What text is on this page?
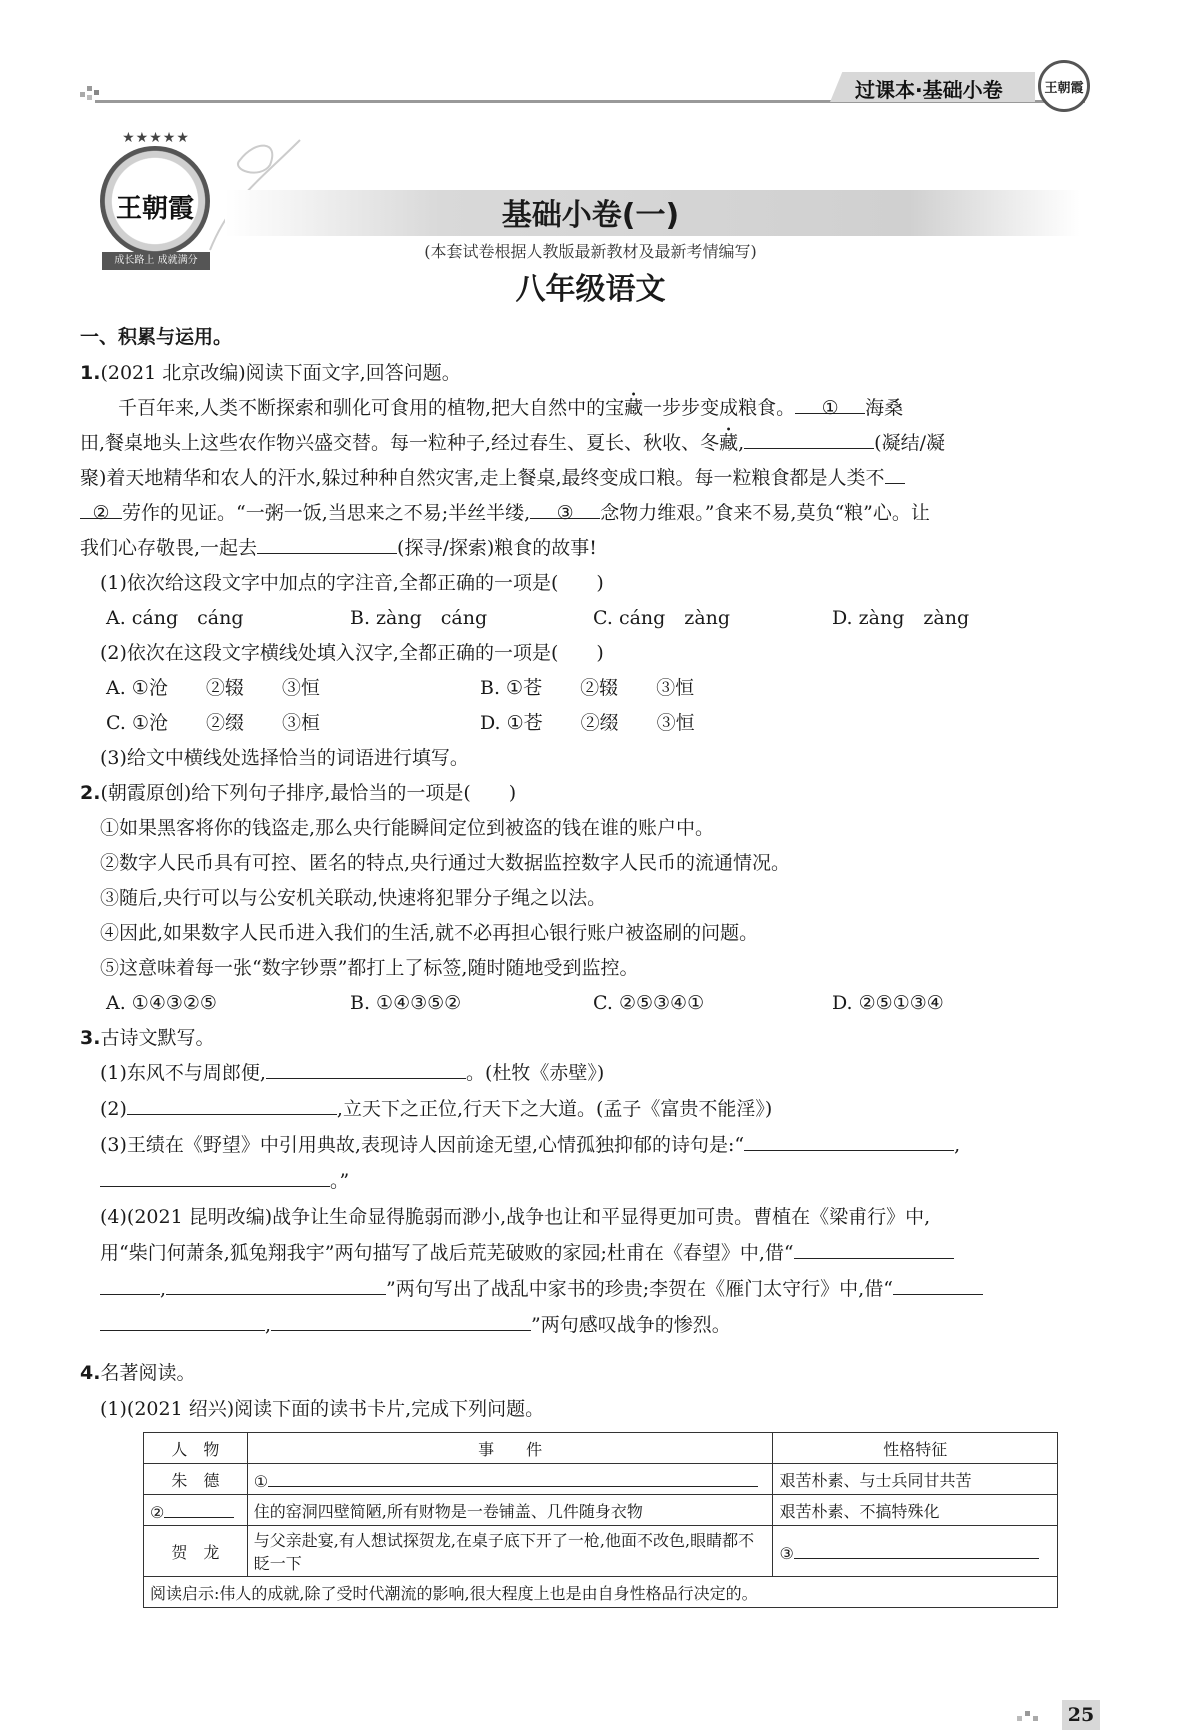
过课本·基础小卷	王朝霞
★★★★★
王朝霞
成长路上 成就满分
基础小卷(一)
(本套试卷根据人教版最新教材及最新考情编写)
八年级语文
一、积累与运用。
1.(2021 北京改编)阅读下面文字,回答问题。
千百年来,人类不断探索和驯化可食用的植物,把大自然中的宝藏一步步变成粮食。 ① 海桑
田,餐桌地头上这些农作物兴盛交替。每一粒种子,经过春生、夏长、秋收、冬藏,	(凝结/凝
聚)着天地精华和农人的汗水,躲过种种自然灾害,走上餐桌,最终变成口粮。每一粒粮食都是人类不
② 劳作的见证。“一粥一饭,当思来之不易;半丝半缕, ③ 念物力维艰。”食来不易,莫负“粮”心。让
我们心存敬畏,一起去	(探寻/探索)粮食的故事!
(1)依次给这段文字中加点的字注音,全都正确的一项是(　　)
A. cáng　cáng	B. zàng　cáng	C. cáng　zàng	D. zàng　zàng
(2)依次在这段文字横线处填入汉字,全都正确的一项是(　　)
A. ①沧　　②辍　　③恒	B. ①苍　　②辍　　③恒
C. ①沧　　②缀　　③桓	D. ①苍　　②缀　　③恒
(3)给文中横线处选择恰当的词语进行填写。
2.(朝霞原创)给下列句子排序,最恰当的一项是(　　)
①如果黑客将你的钱盗走,那么央行能瞬间定位到被盗的钱在谁的账户中。
②数字人民币具有可控、匿名的特点,央行通过大数据监控数字人民币的流通情况。
③随后,央行可以与公安机关联动,快速将犯罪分子绳之以法。
④因此,如果数字人民币进入我们的生活,就不必再担心银行账户被盗刷的问题。
⑤这意味着每一张“数字钞票”都打上了标签,随时随地受到监控。
A. ①④③②⑤	B. ①④③⑤②	C. ②⑤③④①	D. ②⑤①③④
3.古诗文默写。
(1)东风不与周郎便,	。(杜牧《赤壁》)
(2)	,立天下之正位,行天下之大道。(孟子《富贵不能淫》)
(3)王绩在《野望》中引用典故,表现诗人因前途无望,心情孤独抑郁的诗句是:“	,
。”
(4)(2021 昆明改编)战争让生命显得脆弱而渺小,战争也让和平显得更加可贵。曹植在《梁甫行》中,
用“柴门何萧条,狐兔翔我宇”两句描写了战后荒芜破败的家园;杜甫在《春望》中,借“
,	”两句写出了战乱中家书的珍贵;李贺在《雁门太守行》中,借“
,	”两句感叹战争的惨烈。
4.名著阅读。
(1)(2021 绍兴)阅读下面的读书卡片,完成下列问题。
人　物	事　　件	性格特征
朱　德	①	艰苦朴素、与士兵同甘共苦
②	住的窑洞四壁简陋,所有财物是一卷铺盖、几件随身衣物	艰苦朴素、不搞特殊化
贺　龙	与父亲赴宴,有人想试探贺龙,在桌子底下开了一枪,他面不改色,眼睛都不眨一下	③
阅读启示:伟人的成就,除了受时代潮流的影响,很大程度上也是由自身性格品行决定的。		
25
